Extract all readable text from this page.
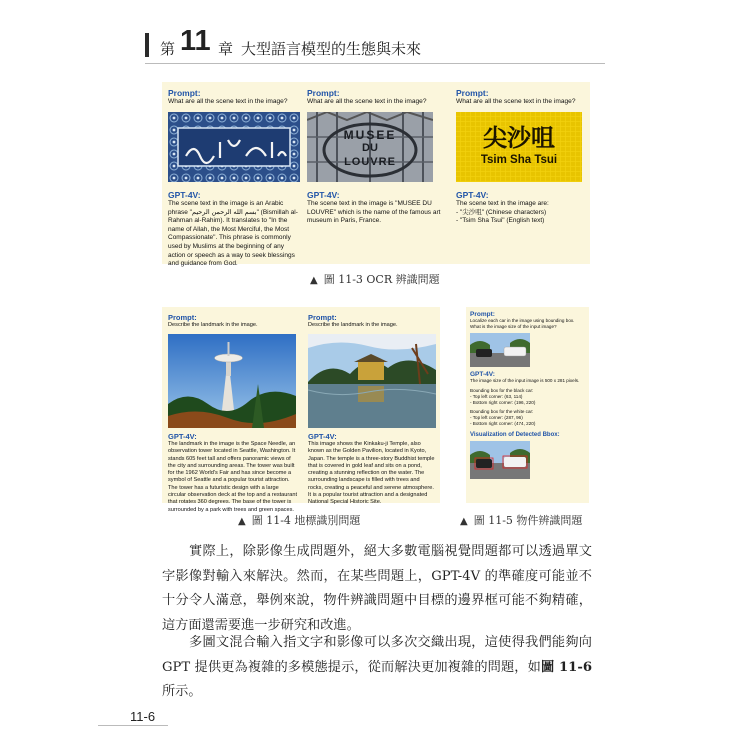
第 11 章 大型語言模型的生態與未來
Prompt:
What are all the scene text in the image?
GPT-4V:
The scene text in the image is an Arabic phrase "بسم الله الرحمن الرحيم" (Bismillah al-Rahman al-Rahim). It translates to "In the name of Allah, the Most Merciful, the Most Compassionate". This phrase is commonly used by Muslims at the beginning of any action or speech as a way to seek blessings and guidance from God.
Prompt:
What are all the scene text in the image?
MUSEE
DU
LOUVRE
GPT-4V:
The scene text in the image is "MUSEE DU LOUVRE" which is the name of the famous art museum in Paris, France.
Prompt:
What are all the scene text in the image?
尖沙咀
Tsim Sha Tsui
GPT-4V:
The scene text in the image are:
- "尖沙咀" (Chinese characters)
- "Tsim Sha Tsui" (English text)
▲ 圖 11-3 OCR 辨識問題
Prompt:
Describe the landmark in the image.
GPT-4V:
The landmark in the image is the Space Needle, an observation tower located in Seattle, Washington. It stands 605 feet tall and offers panoramic views of the city and surrounding areas. The tower was built for the 1962 World's Fair and has since become a symbol of Seattle and a popular tourist attraction. The tower has a futuristic design with a large circular observation deck at the top and a restaurant that rotates 360 degrees. The base of the tower is surrounded by a park with trees and green spaces.
Prompt:
Describe the landmark in the image.
GPT-4V:
This image shows the Kinkaku-ji Temple, also known as the Golden Pavilion, located in Kyoto, Japan. The temple is a three-story Buddhist temple that is covered in gold leaf and sits on a pond, creating a stunning reflection on the water. The surrounding landscape is filled with trees and rocks, creating a peaceful and serene atmosphere. It is a popular tourist attraction and a designated National Special Historic Site.
▲ 圖 11-4 地標識別問題
Prompt:
Localize each car in the image using bounding box. What is the image size of the input image?
GPT-4V:
The image size of the input image is 500 x 281 pixels.
Bounding box for the black car:
- Top left corner: (63, 114)
- Bottom right corner: (196, 220)
Bounding box for the white car:
- Top left corner: (287, 96)
- Bottom right corner: (474, 220)
Visualization of Detected Bbox:
▲ 圖 11-5 物件辨識問題
實際上，除影像生成問題外，絕大多數電腦視覺問題都可以透過單文字影像對輸入來解決。然而，在某些問題上，GPT-4V 的準確度可能並不十分令人滿意，舉例來說，物件辨識問題中目標的邊界框可能不夠精確，這方面還需要進一步研究和改進。
多圖文混合輸入指文字和影像可以多次交織出現，這使得我們能夠向 GPT 提供更為複雜的多模態提示，從而解決更加複雜的問題，如圖 11-6 所示。
11-6
